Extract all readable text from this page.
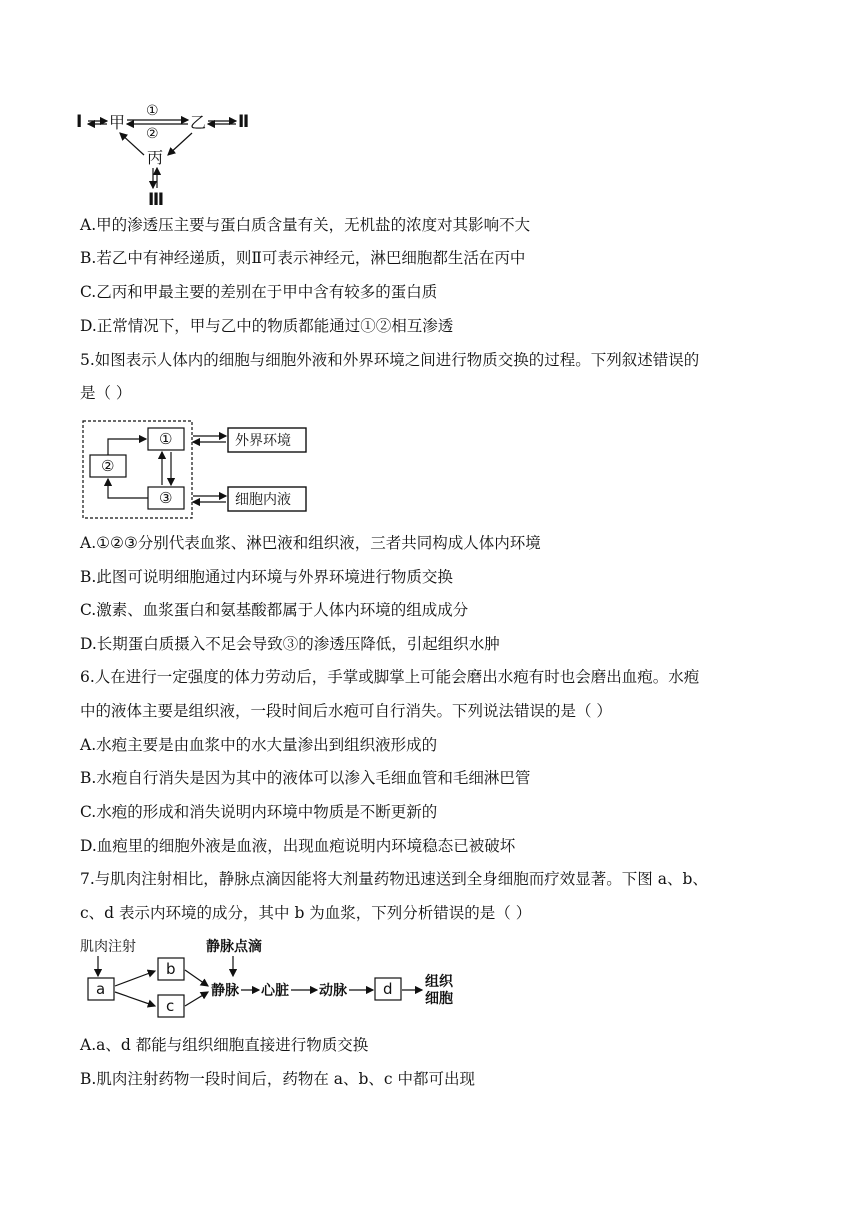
Ⅰ 甲
①
②
乙 Ⅱ
丙
Ⅲ
A.甲的渗透压主要与蛋白质含量有关，无机盐的浓度对其影响不大
B.若乙中有神经递质，则Ⅱ可表示神经元，淋巴细胞都生活在丙中
C.乙丙和甲最主要的差别在于甲中含有较多的蛋白质
D.正常情况下，甲与乙中的物质都能通过①②相互渗透
5.如图表示人体内的细胞与细胞外液和外界环境之间进行物质交换的过程。下列叙述错误的
是（ ）
①
②
③
外界环境
细胞内液
A.①②③分别代表血浆、淋巴液和组织液，三者共同构成人体内环境
B.此图可说明细胞通过内环境与外界环境进行物质交换
C.激素、血浆蛋白和氨基酸都属于人体内环境的组成成分
D.长期蛋白质摄入不足会导致③的渗透压降低，引起组织水肿
6.人在进行一定强度的体力劳动后，手掌或脚掌上可能会磨出水疱有时也会磨出血疱。水疱
中的液体主要是组织液，一段时间后水疱可自行消失。下列说法错误的是（ ）
A.水疱主要是由血浆中的水大量渗出到组织液形成的
B.水疱自行消失是因为其中的液体可以渗入毛细血管和毛细淋巴管
C.水疱的形成和消失说明内环境中物质是不断更新的
D.血疱里的细胞外液是血液，出现血疱说明内环境稳态已被破坏
7.与肌肉注射相比，静脉点滴因能将大剂量药物迅速送到全身细胞而疗效显著。下图 a、b、
c、d 表示内环境的成分，其中 b 为血浆，下列分析错误的是（ ）
肌肉注射
a
b
c
静脉点滴
静脉 心脏 动脉 d 组织
细胞
A.a、d 都能与组织细胞直接进行物质交换
B.肌肉注射药物一段时间后，药物在 a、b、c 中都可出现
